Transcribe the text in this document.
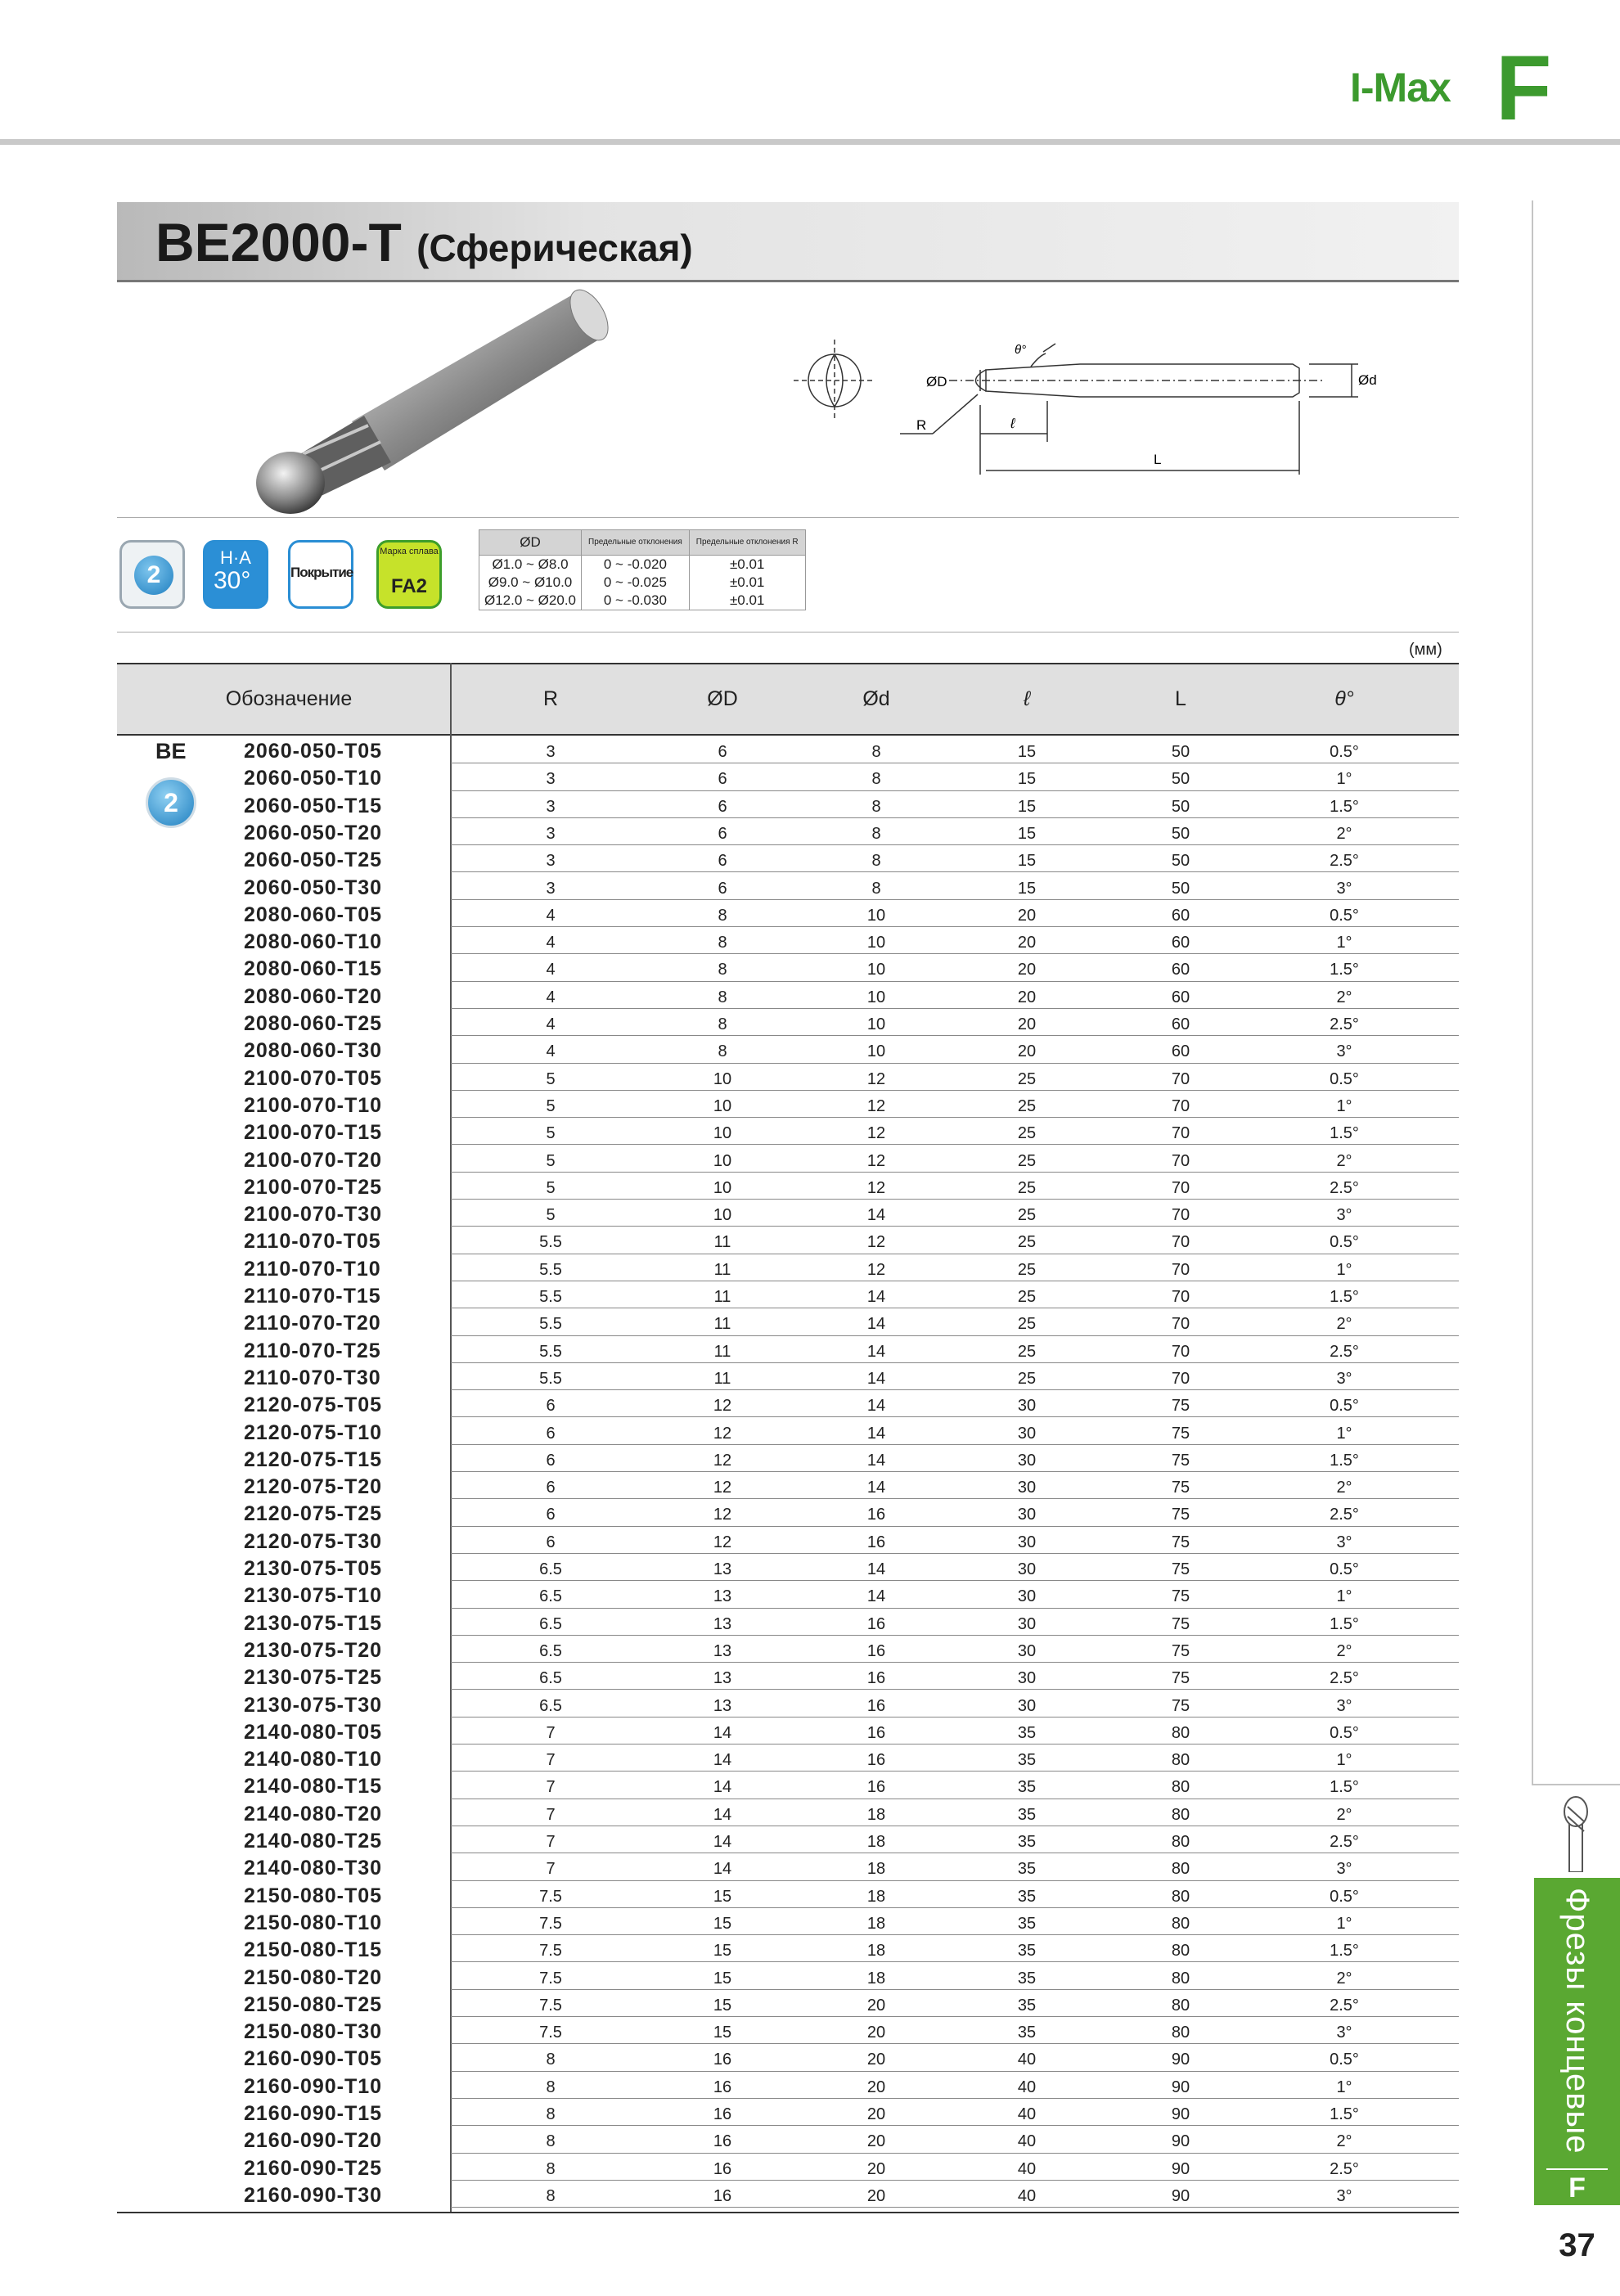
I-Max F
Фрезы концевые
F
37
BE2000-T (Сферическая)
ØD	Ød
R	ℓ
L
θ°
2
H·A
30°	Покрытие
Марка сплава
FA2
ØD	Предельные отклонения	Предельные отклонения R
Ø1.0 ~ Ø8.0	0 ~ -0.020	±0.01
Ø9.0 ~ Ø10.0	0 ~ -0.025	±0.01
Ø12.0 ~ Ø20.0	0 ~ -0.030	±0.01
(мм)
Обозначение	R	ØD	Ød	ℓ	L	θ°
BE
2
2060-050-T05	3	6	8	15	50	0.5°
2060-050-T10	3	6	8	15	50	1°
2060-050-T15	3	6	8	15	50	1.5°
2060-050-T20	3	6	8	15	50	2°
2060-050-T25	3	6	8	15	50	2.5°
2060-050-T30	3	6	8	15	50	3°
2080-060-T05	4	8	10	20	60	0.5°
2080-060-T10	4	8	10	20	60	1°
2080-060-T15	4	8	10	20	60	1.5°
2080-060-T20	4	8	10	20	60	2°
2080-060-T25	4	8	10	20	60	2.5°
2080-060-T30	4	8	10	20	60	3°
2100-070-T05	5	10	12	25	70	0.5°
2100-070-T10	5	10	12	25	70	1°
2100-070-T15	5	10	12	25	70	1.5°
2100-070-T20	5	10	12	25	70	2°
2100-070-T25	5	10	12	25	70	2.5°
2100-070-T30	5	10	14	25	70	3°
2110-070-T05	5.5	11	12	25	70	0.5°
2110-070-T10	5.5	11	12	25	70	1°
2110-070-T15	5.5	11	14	25	70	1.5°
2110-070-T20	5.5	11	14	25	70	2°
2110-070-T25	5.5	11	14	25	70	2.5°
2110-070-T30	5.5	11	14	25	70	3°
2120-075-T05	6	12	14	30	75	0.5°
2120-075-T10	6	12	14	30	75	1°
2120-075-T15	6	12	14	30	75	1.5°
2120-075-T20	6	12	14	30	75	2°
2120-075-T25	6	12	16	30	75	2.5°
2120-075-T30	6	12	16	30	75	3°
2130-075-T05	6.5	13	14	30	75	0.5°
2130-075-T10	6.5	13	14	30	75	1°
2130-075-T15	6.5	13	16	30	75	1.5°
2130-075-T20	6.5	13	16	30	75	2°
2130-075-T25	6.5	13	16	30	75	2.5°
2130-075-T30	6.5	13	16	30	75	3°
2140-080-T05	7	14	16	35	80	0.5°
2140-080-T10	7	14	16	35	80	1°
2140-080-T15	7	14	16	35	80	1.5°
2140-080-T20	7	14	18	35	80	2°
2140-080-T25	7	14	18	35	80	2.5°
2140-080-T30	7	14	18	35	80	3°
2150-080-T05	7.5	15	18	35	80	0.5°
2150-080-T10	7.5	15	18	35	80	1°
2150-080-T15	7.5	15	18	35	80	1.5°
2150-080-T20	7.5	15	18	35	80	2°
2150-080-T25	7.5	15	20	35	80	2.5°
2150-080-T30	7.5	15	20	35	80	3°
2160-090-T05	8	16	20	40	90	0.5°
2160-090-T10	8	16	20	40	90	1°
2160-090-T15	8	16	20	40	90	1.5°
2160-090-T20	8	16	20	40	90	2°
2160-090-T25	8	16	20	40	90	2.5°
2160-090-T30	8	16	20	40	90	3°
